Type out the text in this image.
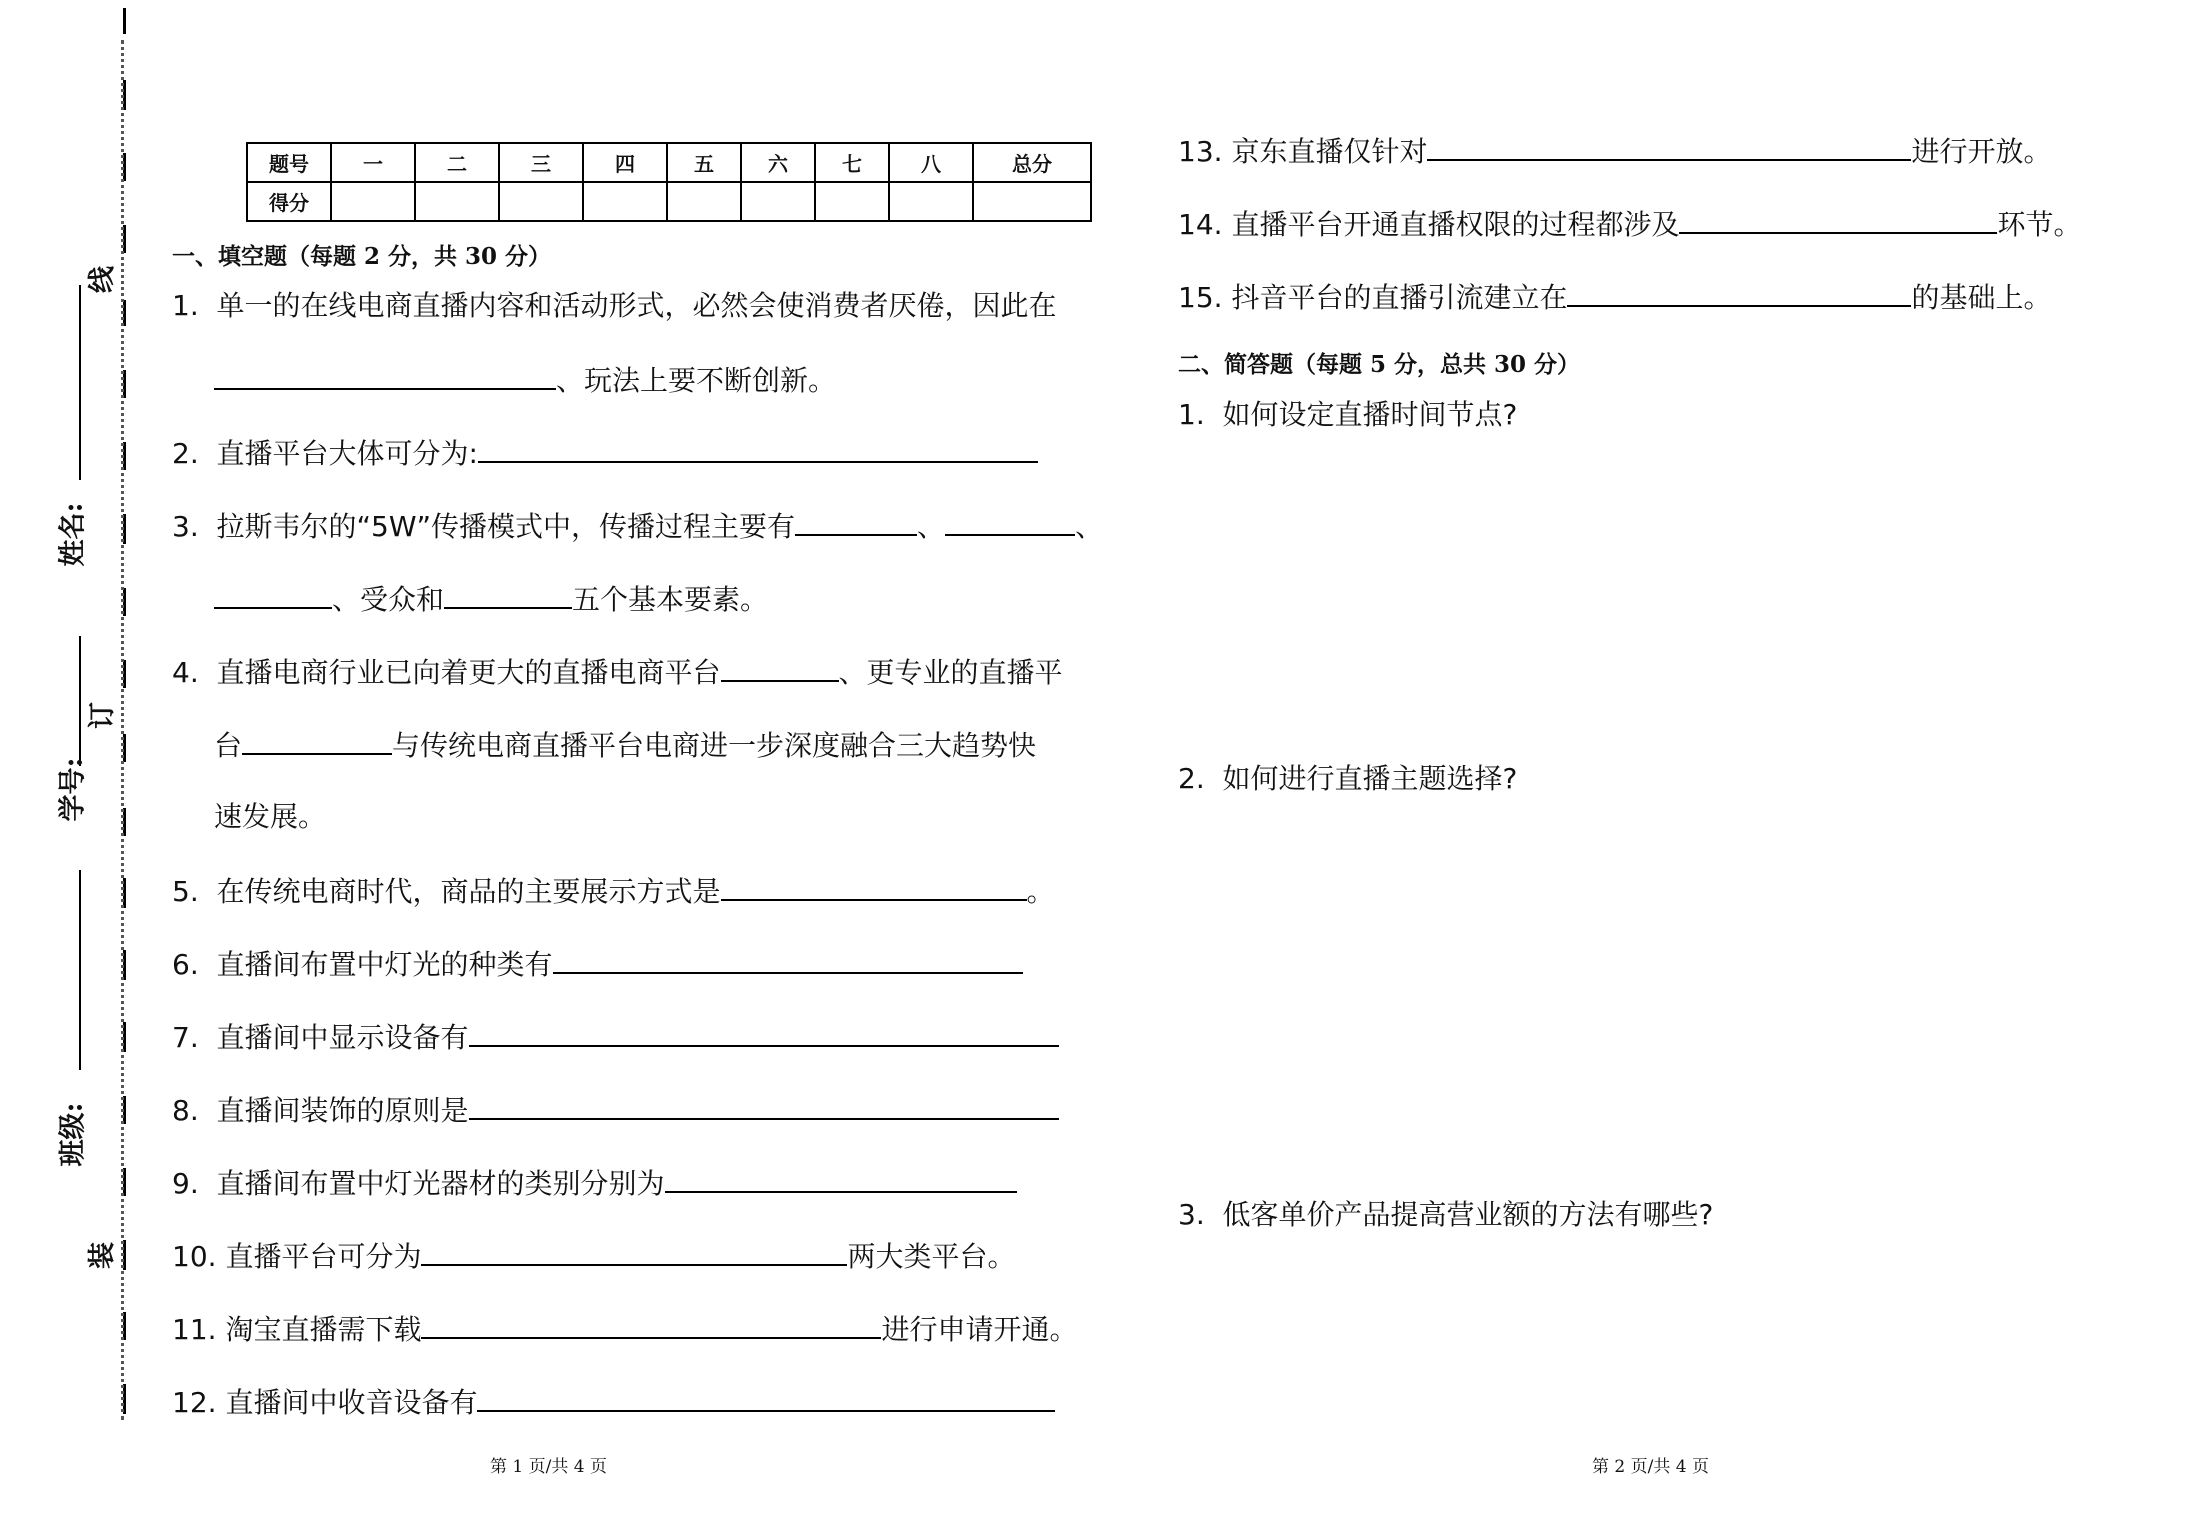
线
姓名:
订
学号:
班级:
装
题号	一	二	三	四	五	六	七	八	总分
得分									
一、填空题（每题 2 分，共 30 分）
1. 单一的在线电商直播内容和活动形式，必然会使消费者厌倦，因此在
、玩法上要不断创新。
2. 直播平台大体可分为:
3. 拉斯韦尔的“5W”传播模式中，传播过程主要有	、	、
、受众和	五个基本要素。
4. 直播电商行业已向着更大的直播电商平台	、更专业的直播平
台	与传统电商直播平台电商进一步深度融合三大趋势快
速发展。
5. 在传统电商时代，商品的主要展示方式是	。
6. 直播间布置中灯光的种类有
7. 直播间中显示设备有
8. 直播间装饰的原则是
9. 直播间布置中灯光器材的类别分别为
10. 直播平台可分为	两大类平台。
11. 淘宝直播需下载	进行申请开通。
12. 直播间中收音设备有
第 1 页/共 4 页
13. 京东直播仅针对	进行开放。
14. 直播平台开通直播权限的过程都涉及	环节。
15. 抖音平台的直播引流建立在	的基础上。
二、简答题（每题 5 分，总共 30 分）
1. 如何设定直播时间节点?
2. 如何进行直播主题选择?
3. 低客单价产品提高营业额的方法有哪些?
第 2 页/共 4 页
